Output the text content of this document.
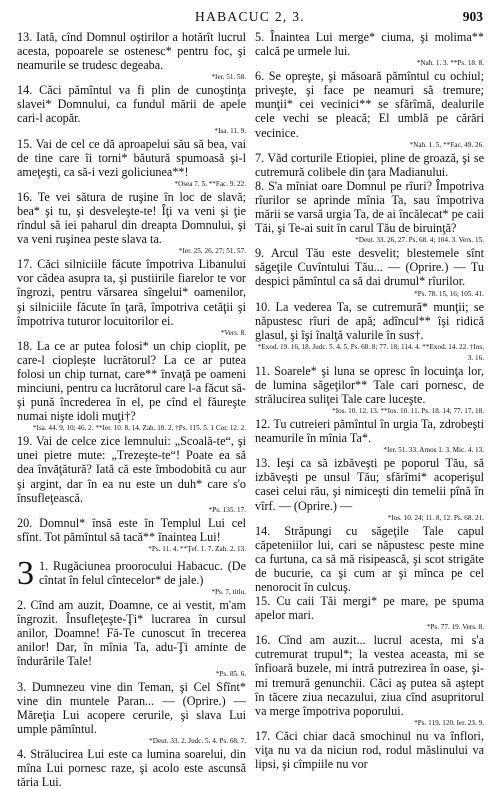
HABACUC 2, 3.	903

13. Iată, cînd Domnul oştirilor a hotărît lucrul acesta, popoarele se ostenesc* pentru foc, şi neamurile se trudesc degeaba.

*Ier. 51. 58.

14. Căci pămîntul va fi plin de cunoştinţa slavei* Domnului, ca fundul mării de apele cari-l acopăr.

*Isa. 11. 9.

15. Vai de cel ce dă aproapelui său să bea, vai de tine care îi torni* băutură spumoasă şi-l ameţeşti, ca să-i vezi goliciunea**!

*Osea 7. 5. **Fac. 9. 22.

16. Te vei sătura de ruşine în loc de slavă; bea* şi tu, şi desveleşte-te! Îţi va veni şi ţie rîndul să iei paharul din dreapta Domnului, şi va veni ruşinea peste slava ta.

*Ier. 25. 26, 27; 51. 57.

17. Căci silniciile făcute împotriva Libanului vor cădea asupra ta, şi pustiirile fiarelor te vor îngrozi, pentru vărsarea sîngelui* oamenilor, şi silniciile făcute în ţară, împotriva cetăţii şi împotriva tuturor locuitorilor ei.

*Vers. 8.

18. La ce ar putea folosi* un chip cioplit, pe care-l cioplește lucrătorul? La ce ar putea folosi un chip turnat, care** învaţă pe oameni minciuni, pentru ca lucrătorul care l-a făcut să-şi pună încrederea în el, pe cînd el făureşte numai nişte idoli muţi†?

*Isa. 44. 9, 10; 46. 2. **Ier. 10. 8, 14. Zah. 10. 2. †Ps. 115. 5. 1 Cor. 12. 2.

19. Vai de celce zice lemnului: „Scoală-te“, şi unei pietre mute: „Trezeşte-te“! Poate ea să dea învăţătură? Iată că este îmbodobită cu aur şi argint, dar în ea nu este un duh* care s'o însufleţească.

*Ps. 135. 17.

20. Domnul* însă este în Templul Lui cel sfînt. Tot pămîntul să tacă** înaintea Lui!

*Ps. 11. 4. **Ţef. 1. 7. Zah. 2. 13.
3 1. Rugăciunea proorocului Habacuc. (De cîntat în felul cîntecelor* de jale.)

*Ps. 7, titlu.

2. Cînd am auzit, Doamne, ce ai vestit, m'am îngrozit. Însufleţeşte-Ţi* lucrarea în cursul anilor, Doamne! Fă-Te cunoscut în trecerea anilor! Dar, în mînia Ta, adu-Ţi aminte de îndurările Tale!

*Ps. 85. 6.

3. Dumnezeu vine din Teman, şi Cel Sfînt* vine din muntele Paran... — (Oprire.) — Măreţia Lui acopere cerurile, şi slava Lui umple pămîntul.

*Deut. 33. 2. Judc. 5. 4. Ps. 68. 7.

4. Strălucirea Lui este ca lumina soarelui, din mîna Lui pornesc raze, şi acolo este ascunsă tăria Lui.

5. Înaintea Lui merge* ciuma, şi molima** calcă pe urmele lui.

*Nah. 1. 3. **Ps. 18. 8.

6. Se opreşte, şi măsoară pămîntul cu ochiul; priveşte, şi face pe neamuri să tremure; munţii* cei vecinici** se sfărîmă, dealurile cele vechi se pleacă; El umblă pe cărări vecinice.

*Nah. 1. 5. **Fac. 49. 26.

7. Văd corturile Etiopiei, pline de groază, şi se cutremură colibele din ţara Madianului.

8. S'a mîniat oare Domnul pe rîuri? Împotriva rîurilor se aprinde mînia Ta, sau împotriva mării se varsă urgia Ta, de ai încălecat* pe caii Tăi, şi Te-ai suit în carul Tău de biruinţă?

*Deut. 33. 26, 27. Ps. 68. 4; 104. 3. Vers. 15.

9. Arcul Tău este desvelit; blestemele sînt săgeţile Cuvîntului Tău... — (Oprire.) — Tu despici pămîntul ca să dai drumul* rîurilor.

*Ps. 78. 15, 16; 105. 41.

10. La vederea Ta, se cutremură* munţii; se năpustesc rîuri de apă; adîncul** îşi ridică glasul, şi îşi înalţă valurile în sus†.

*Exod. 19. 16, 18. Judc. 5. 4, 5. Ps. 68. 8; 77. 18; 114. 4. **Exod. 14. 22. †Ios. 3. 16.

11. Soarele* şi luna se opresc în locuinţa lor, de lumina săgeţilor** Tale cari pornesc, de strălucirea suliţei Tale care luceşte.

*Ios. 10. 12, 13. **Ios. 10. 11. Ps. 18. 14; 77. 17, 18.

12. Tu cutreieri pămîntul în urgia Ta, zdrobeşti neamurile în mînia Ta*.

*Ier. 51. 33. Amos 1. 3. Mic. 4. 13.

13. Ieşi ca să izbăveşti pe poporul Tău, să izbăveşti pe unsul Tău; sfărîmi* acoperişul casei celui rău, şi nimiceşti din temelii pînă în vîrf. — (Oprire.) —

*Ios. 10. 24; 11. 8, 12. Ps. 68. 21.

14. Străpungi cu săgeţile Tale capul căpeteniilor lui, cari se năpustesc peste mine ca furtuna, ca să mă risipească, şi scot strigăte de bucurie, ca şi cum ar şi mînca pe cel nenorocit în culcuş.

15. Cu caii Tăi mergi* pe mare, pe spuma apelor mari.

*Ps. 77. 19. Vers. 8.

16. Cînd am auzit... lucrul acesta, mi s'a cutremurat trupul*; la vestea aceasta, mi se înfioară buzele, mi intră putrezirea în oase, şi-mi tremură genunchii. Căci aş putea să aştept în tăcere ziua necazului, ziua cînd asupritorul va merge împotriva poporului.

*Ps. 119. 120. Ier. 23. 9.

17. Căci chiar dacă smochinul nu va înflori, viţa nu va da niciun rod, rodul măslinului va lipsi, şi cîmpiile nu vor
